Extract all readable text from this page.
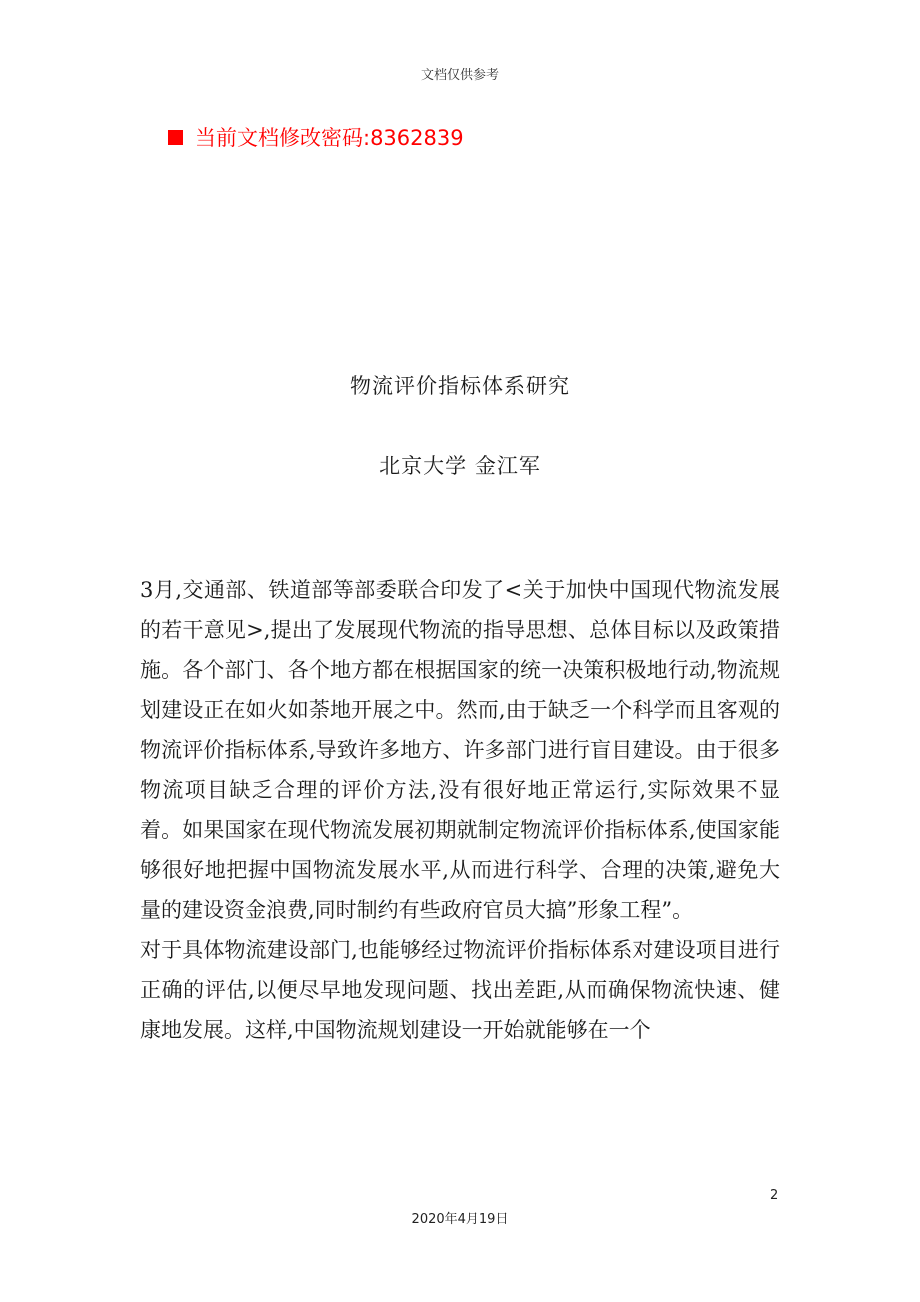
文档仅供参考
当前文档修改密码:8362839
物流评价指标体系研究
北京大学 金江军

3月,交通部、铁道部等部委联合印发了<关于加快中国现代物流发展的若干意见>,提出了发展现代物流的指导思想、总体目标以及政策措施。各个部门、各个地方都在根据国家的统一决策积极地行动,物流规划建设正在如火如荼地开展之中。然而,由于缺乏一个科学而且客观的物流评价指标体系,导致许多地方、许多部门进行盲目建设。由于很多物流项目缺乏合理的评价方法,没有很好地正常运行,实际效果不显着。如果国家在现代物流发展初期就制定物流评价指标体系,使国家能够很好地把握中国物流发展水平,从而进行科学、合理的决策,避免大量的建设资金浪费,同时制约有些政府官员大搞”形象工程”。

对于具体物流建设部门,也能够经过物流评价指标体系对建设项目进行正确的评估,以便尽早地发现问题、找出差距,从而确保物流快速、健康地发展。这样,中国物流规划建设一开始就能够在一个

2
2020年4月19日
